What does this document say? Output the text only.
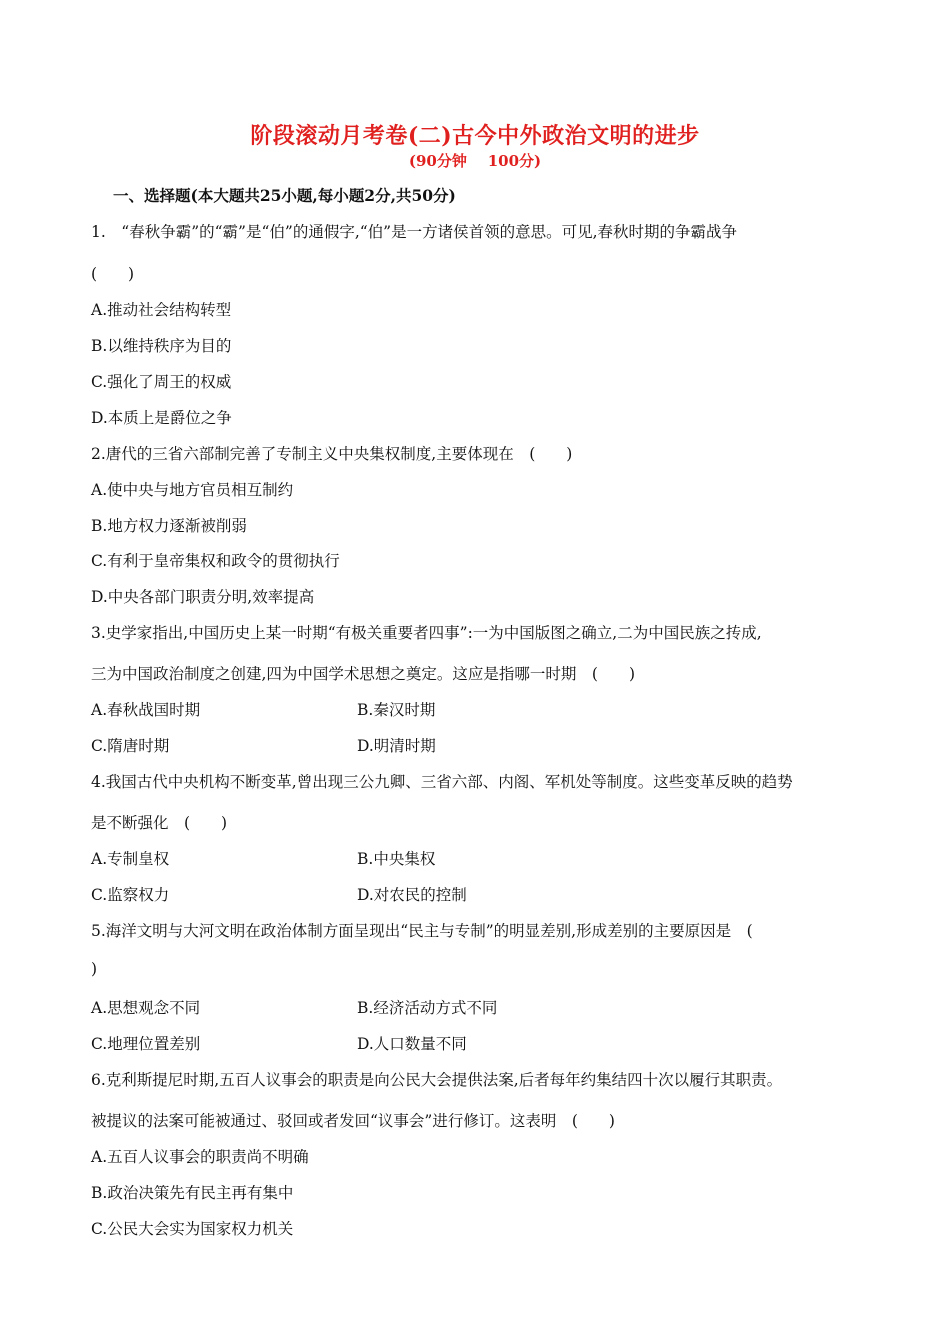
阶段滚动月考卷(二)古今中外政治文明的进步
(90分钟 100分)
一、选择题(本大题共25小题,每小题2分,共50分)
1.　“春秋争霸”的“霸”是“伯”的通假字,“伯”是一方诸侯首领的意思。可见,春秋时期的争霸战争
(　　)
A.推动社会结构转型
B.以维持秩序为目的
C.强化了周王的权威
D.本质上是爵位之争
2.唐代的三省六部制完善了专制主义中央集权制度,主要体现在　(　　)
A.使中央与地方官员相互制约
B.地方权力逐渐被削弱
C.有利于皇帝集权和政令的贯彻执行
D.中央各部门职责分明,效率提高
3.史学家指出,中国历史上某一时期“有极关重要者四事”:一为中国版图之确立,二为中国民族之抟成,
三为中国政治制度之创建,四为中国学术思想之奠定。这应是指哪一时期　(　　)
A.春秋战国时期	B.秦汉时期
C.隋唐时期	D.明清时期
4.我国古代中央机构不断变革,曾出现三公九卿、三省六部、内阁、军机处等制度。这些变革反映的趋势
是不断强化　(　　)
A.专制皇权	B.中央集权
C.监察权力	D.对农民的控制
5.海洋文明与大河文明在政治体制方面呈现出“民主与专制”的明显差别,形成差别的主要原因是　(
)
A.思想观念不同	B.经济活动方式不同
C.地理位置差别	D.人口数量不同
6.克利斯提尼时期,五百人议事会的职责是向公民大会提供法案,后者每年约集结四十次以履行其职责。
被提议的法案可能被通过、驳回或者发回“议事会”进行修订。这表明　(　　)
A.五百人议事会的职责尚不明确
B.政治决策先有民主再有集中
C.公民大会实为国家权力机关
